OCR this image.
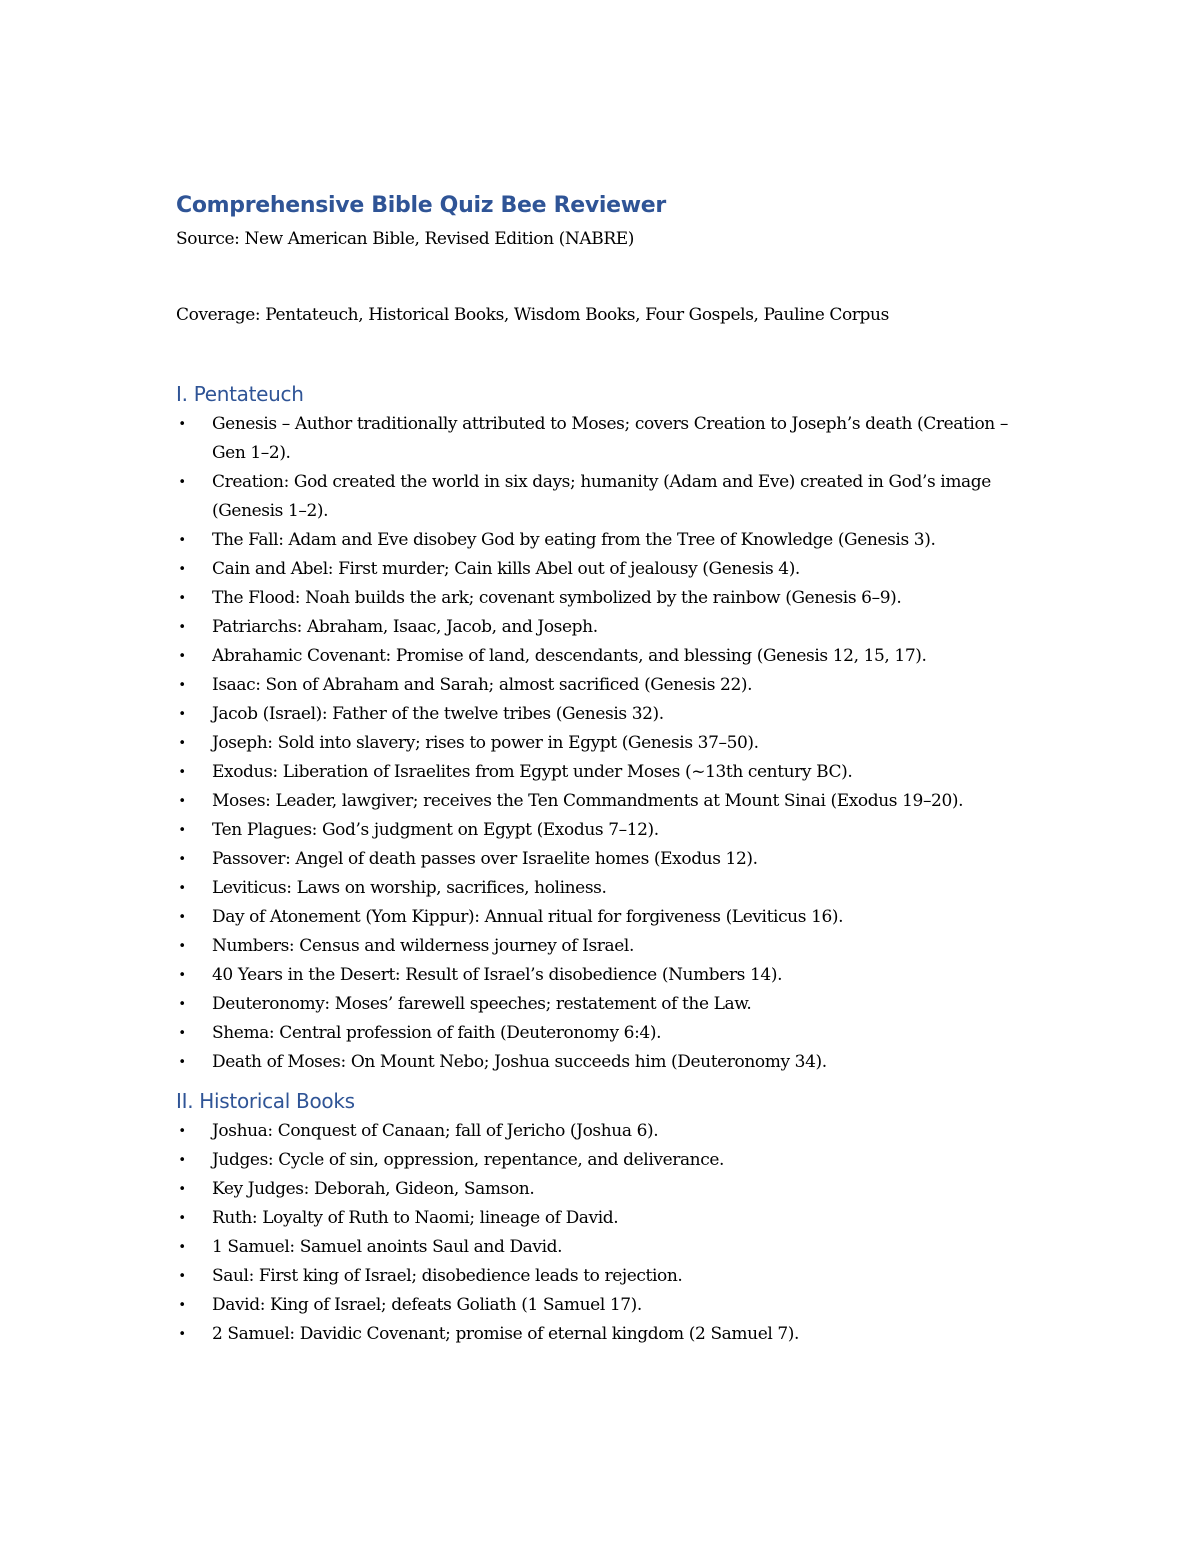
Comprehensive Bible Quiz Bee Reviewer

Source: New American Bible, Revised Edition (NABRE)

Coverage: Pentateuch, Historical Books, Wisdom Books, Four Gospels, Pauline Corpus

I. Pentateuch
• Genesis – Author traditionally attributed to Moses; covers Creation to Joseph’s death (Creation –Gen 1–2).
• Creation: God created the world in six days; humanity (Adam and Eve) created in God’s image (Genesis 1–2).
• The Fall: Adam and Eve disobey God by eating from the Tree of Knowledge (Genesis 3).
• Cain and Abel: First murder; Cain kills Abel out of jealousy (Genesis 4).
• The Flood: Noah builds the ark; covenant symbolized by the rainbow (Genesis 6–9).
• Patriarchs: Abraham, Isaac, Jacob, and Joseph.
• Abrahamic Covenant: Promise of land, descendants, and blessing (Genesis 12, 15, 17).
• Isaac: Son of Abraham and Sarah; almost sacrificed (Genesis 22).
• Jacob (Israel): Father of the twelve tribes (Genesis 32).
• Joseph: Sold into slavery; rises to power in Egypt (Genesis 37–50).
• Exodus: Liberation of Israelites from Egypt under Moses (~13th century BC).
• Moses: Leader, lawgiver; receives the Ten Commandments at Mount Sinai (Exodus 19–20).
• Ten Plagues: God’s judgment on Egypt (Exodus 7–12).
• Passover: Angel of death passes over Israelite homes (Exodus 12).
• Leviticus: Laws on worship, sacrifices, holiness.
• Day of Atonement (Yom Kippur): Annual ritual for forgiveness (Leviticus 16).
• Numbers: Census and wilderness journey of Israel.
• 40 Years in the Desert: Result of Israel’s disobedience (Numbers 14).
• Deuteronomy: Moses’ farewell speeches; restatement of the Law.
• Shema: Central profession of faith (Deuteronomy 6:4).
• Death of Moses: On Mount Nebo; Joshua succeeds him (Deuteronomy 34).
II. Historical Books
• Joshua: Conquest of Canaan; fall of Jericho (Joshua 6).
• Judges: Cycle of sin, oppression, repentance, and deliverance.
• Key Judges: Deborah, Gideon, Samson.
• Ruth: Loyalty of Ruth to Naomi; lineage of David.
• 1 Samuel: Samuel anoints Saul and David.
• Saul: First king of Israel; disobedience leads to rejection.
• David: King of Israel; defeats Goliath (1 Samuel 17).
• 2 Samuel: Davidic Covenant; promise of eternal kingdom (2 Samuel 7).
